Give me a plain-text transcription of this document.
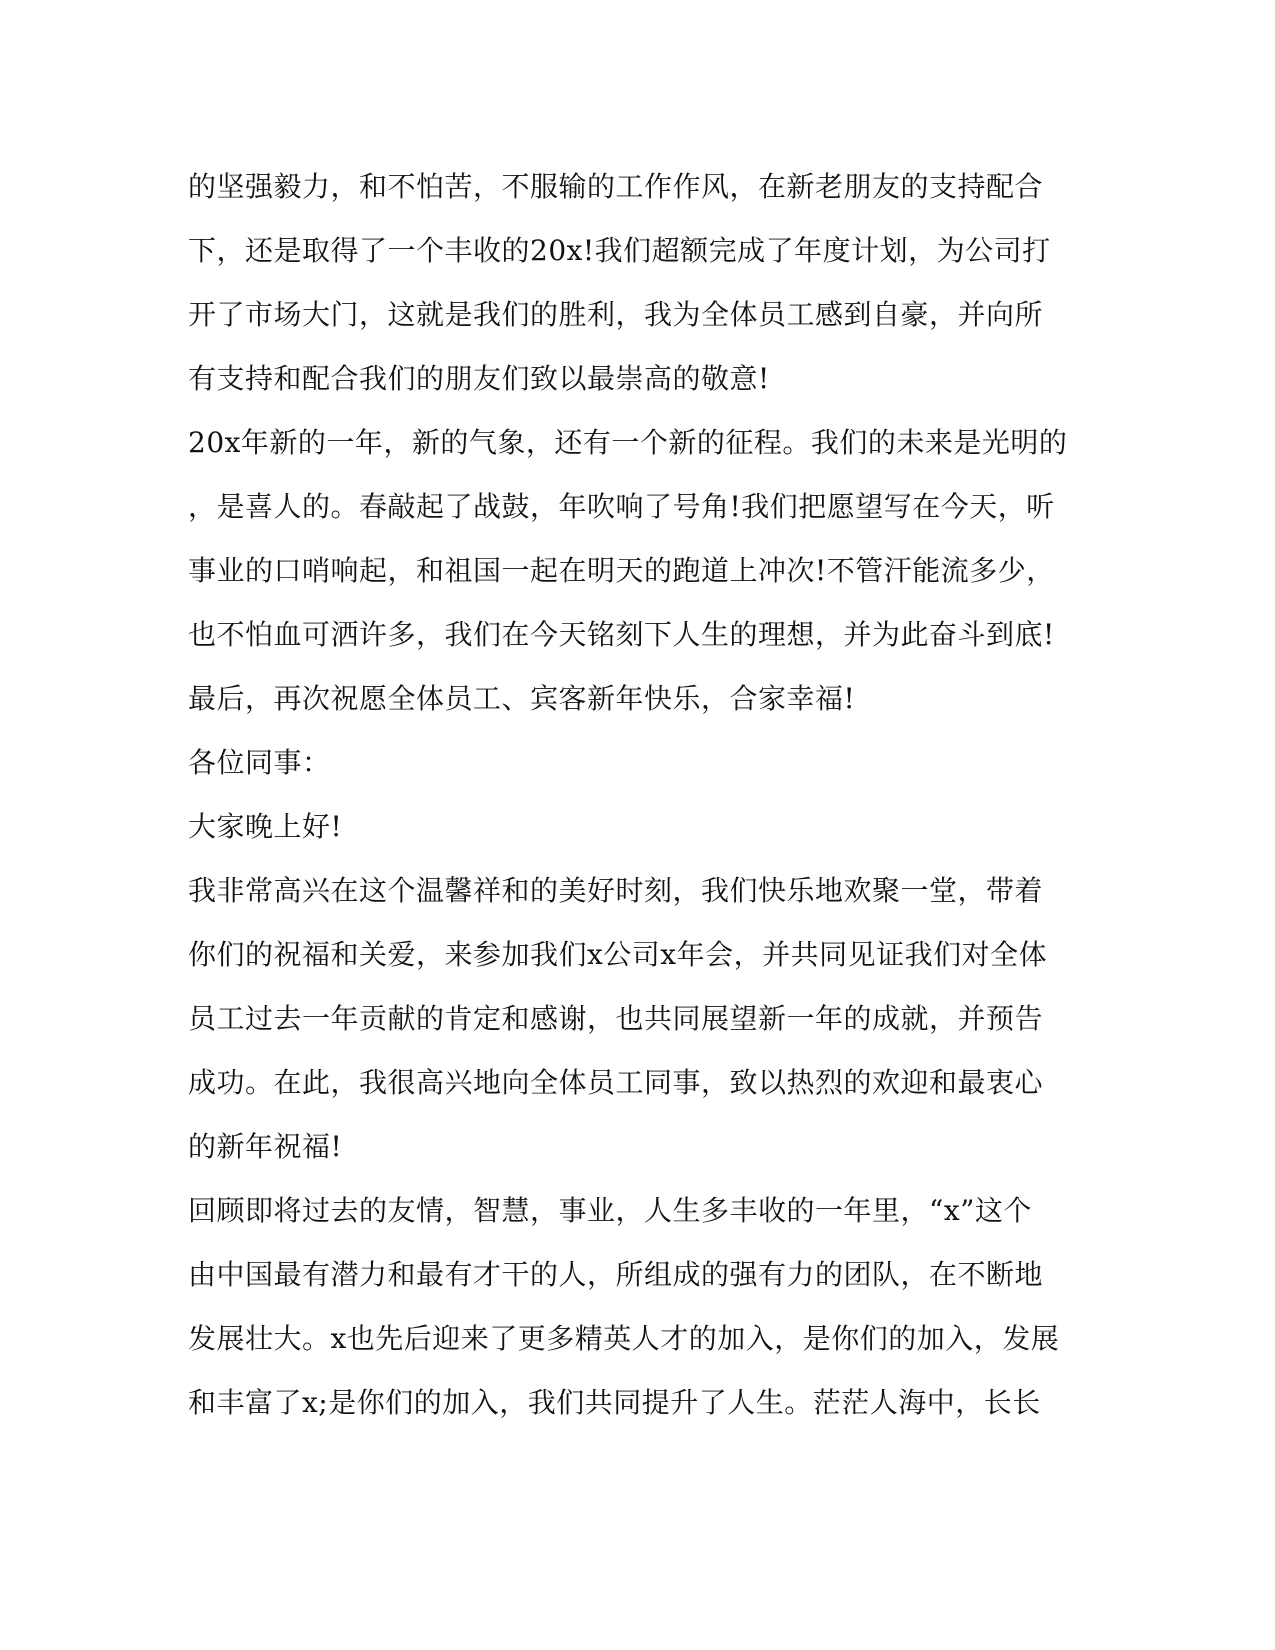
的坚强毅力，和不怕苦，不服输的工作作风，在新老朋友的支持配合
下，还是取得了一个丰收的20x!我们超额完成了年度计划，为公司打
开了市场大门，这就是我们的胜利，我为全体员工感到自豪，并向所
有支持和配合我们的朋友们致以最崇高的敬意!
20x年新的一年，新的气象，还有一个新的征程。我们的未来是光明的
，是喜人的。春敲起了战鼓，年吹响了号角!我们把愿望写在今天，听
事业的口哨响起，和祖国一起在明天的跑道上冲次!不管汗能流多少，
也不怕血可洒许多，我们在今天铭刻下人生的理想，并为此奋斗到底!
最后，再次祝愿全体员工、宾客新年快乐，合家幸福!
各位同事：
大家晚上好!
我非常高兴在这个温馨祥和的美好时刻，我们快乐地欢聚一堂，带着
你们的祝福和关爱，来参加我们x公司x年会，并共同见证我们对全体
员工过去一年贡献的肯定和感谢，也共同展望新一年的成就，并预告
成功。在此，我很高兴地向全体员工同事，致以热烈的欢迎和最衷心
的新年祝福!
回顾即将过去的友情，智慧，事业，人生多丰收的一年里，“x”这个
由中国最有潜力和最有才干的人，所组成的强有力的团队，在不断地
发展壮大。x也先后迎来了更多精英人才的加入，是你们的加入，发展
和丰富了x;是你们的加入，我们共同提升了人生。茫茫人海中，长长
